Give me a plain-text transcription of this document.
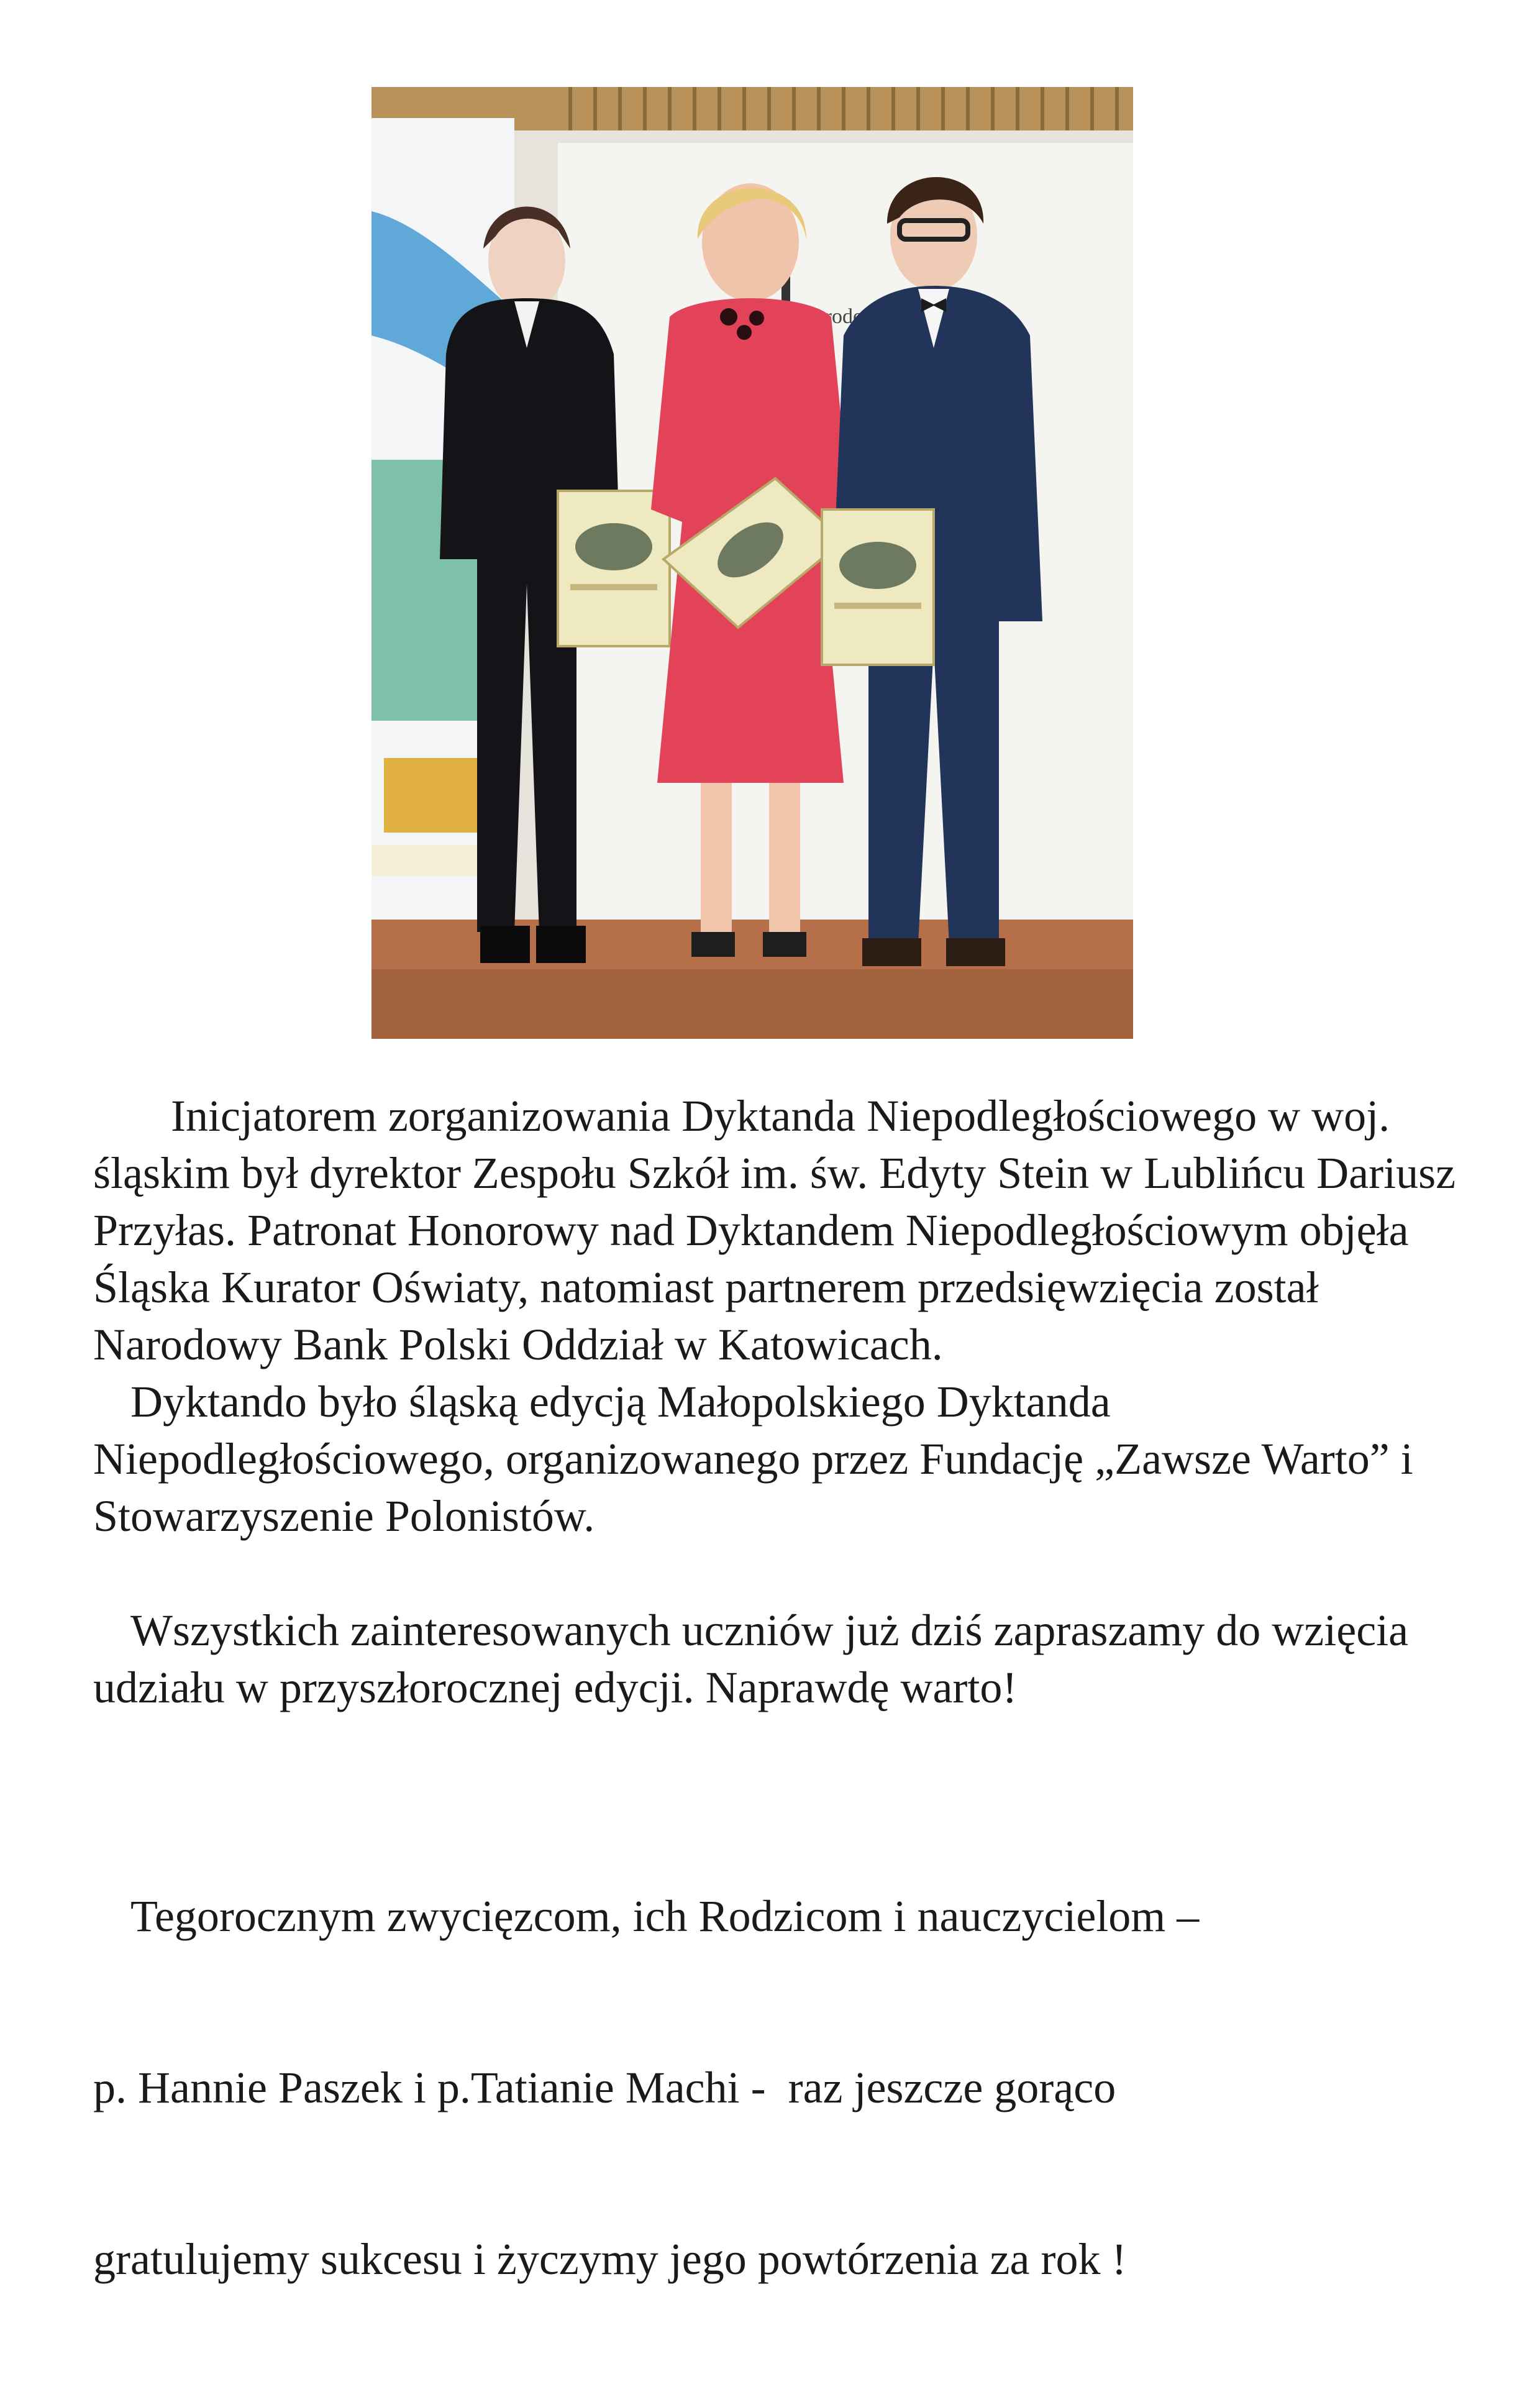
Narodowy

Inicjatorem zorganizowania Dyktanda Niepodległościowego w woj. śląskim był dyrektor Zespołu Szkół im. św. Edyty Stein w Lublińcu Dariusz Przyłas. Patronat Honorowy nad Dyktandem Niepodległościowym objęła Śląska Kurator Oświaty, natomiast partnerem przedsięwzięcia został Narodowy Bank Polski Oddział w Katowicach.

Dyktando było śląską edycją Małopolskiego Dyktanda Niepodległościowego, organizowanego przez Fundację „Zawsze Warto” i Stowarzyszenie Polonistów.

Wszystkich zainteresowanych uczniów już dziś zapraszamy do wzięcia udziału w przyszłorocznej edycji. Naprawdę warto!

Tegorocznym zwycięzcom, ich Rodzicom i nauczycielom –

p. Hannie Paszek i p.Tatianie Machi -  raz jeszcze gorąco

gratulujemy sukcesu i życzymy jego powtórzenia za rok !
